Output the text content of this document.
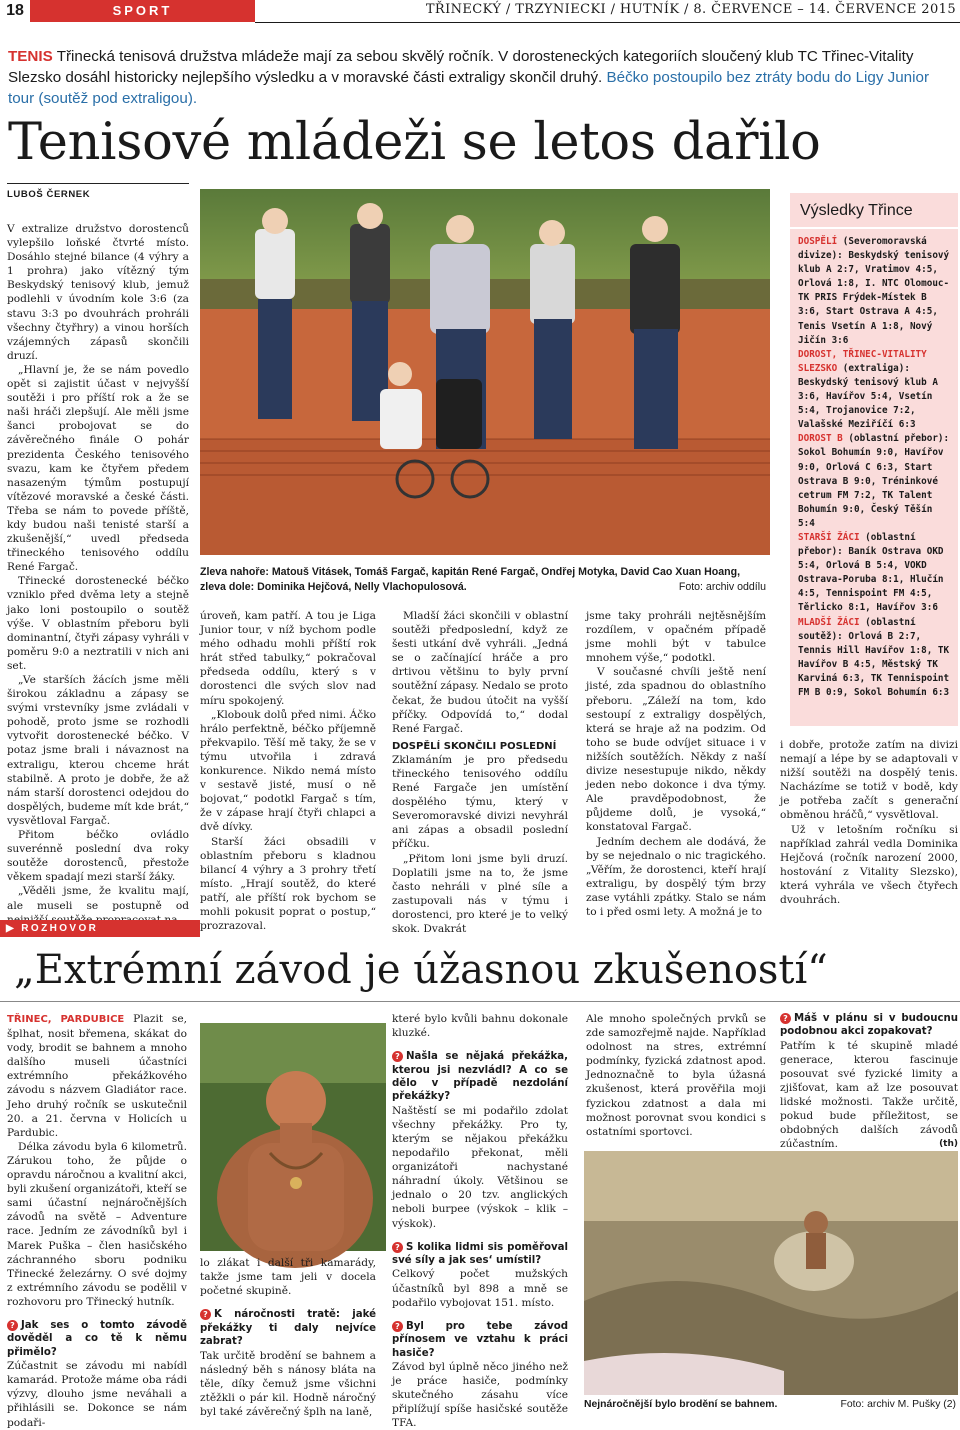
18	SPORT	TŘINECKÝ / TRZYNIECKI / HUTNÍK / 8. ČERVENCE – 14. ČERVENCE 2015
TENIS Třinecká tenisová družstva mládeže mají za sebou skvělý ročník. V dorosteneckých kategoriích sloučený klub TC Třinec-Vitality Slezsko dosáhl historicky nejlepšího výsledku a v moravské části extraligy skončil druhý. Béčko postoupilo bez ztráty bodu do Ligy Junior tour (soutěž pod extraligou).
Tenisové mládeži se letos dařilo
LUBOŠ ČERNEK

V extralize družstvo dorostenců vylepšilo loňské čtvrté místo. Dosáhlo stejné bilance (4 výhry a 1 prohra) jako vítězný tým Beskydský tenisový klub, jemuž podlehli v úvodním kole 3:6 (za stavu 3:3 po dvouhrách prohráli všechny čtyřhry) a vinou horších vzájemných zápasů skončili druzí.

„Hlavní je, že se nám povedlo opět si zajistit účast v nejvyšší soutěži i pro příští rok a že se naši hráči zlepšují. Ale měli jsme šanci probojovat se do závěrečného finále O pohár prezidenta Českého tenisového svazu, kam ke čtyřem předem nasazeným týmům postupují vítězové moravské a české části. Třeba se nám to povede příště, kdy budou naši tenisté starší a zkušenější,“ uvedl předseda třineckého tenisového oddílu René Fargač.

Třinecké dorostenecké béčko vzniklo před dvěma lety a stejně jako loni postoupilo o soutěž výše. V oblastním přeboru byli dominantní, čtyři zápasy vyhráli v poměru 9:0 a neztratili v nich ani set.

„Ve starších žácích jsme měli širokou základnu a zápasy se svými vrstevníky jsme zvládali v pohodě, proto jsme se rozhodli vytvořit dorostenecké béčko. V potaz jsme brali i návaznost na extraligu, kterou chceme hrát stabilně. A proto je dobře, že až nám starší dorostenci odejdou do dospělých, budeme mít kde brát,“ vysvětloval Fargač.

Přitom béčko ovládlo suverénně poslední dva roky soutěže dorostenců, přestože věkem spadají mezi starší žáky.

„Věděli jsme, že kvalitu mají, ale museli se postupně od

Zleva nahoře: Matouš Vitásek, Tomáš Fargač, kapitán René Fargač, Ondřej Motyka, David Cao Xuan Hoang, zleva dole: Dominika Hejčová, Nelly Vlachopulosová.	Foto: archiv oddílu
Výsledky Třince
DOSPĚLÍ (Severomoravská divize): Beskydský tenisový klub A 2:7, Vratimov 4:5, Orlová 1:8, I. NTC Olomouc-TK PRIS Frýdek-Místek B 3:6, Start Ostrava A 4:5, Tenis Vsetín A 1:8, Nový Jičín 3:6
DOROST, TŘINEC-VITALITY SLEZSKO (extraliga): Beskydský tenisový klub A 3:6, Havířov 5:4, Vsetín 5:4, Trojanovice 7:2, Valašské Meziříčí 6:3
DOROST B (oblastní přebor): Sokol Bohumín 9:0, Havířov 9:0, Orlová C 6:3, Start Ostrava B 9:0, Tréninkové cetrum FM 7:2, TK Talent Bohumín 9:0, Český Těšín 5:4
STARŠÍ ŽÁCI (oblastní přebor): Baník Ostrava OKD 5:4, Orlová B 5:4, VOKD Ostrava-Poruba 8:1, Hlučín 4:5, Tennispoint FM 4:5, Těrlicko 8:1, Havířov 3:6
MLADŠÍ ŽÁCI (oblastní soutěž): Orlová B 2:7, Tennis Hill Havířov 1:8, TK Havířov B 4:5, Městský TK Karviná 6:3, TK Tennispoint FM B 0:9, Sokol Bohumín 6:3

úroveň, kam patří. A tou je Liga Junior tour, v níž bychom podle mého odhadu mohli příští rok hrát střed tabulky,“ pokračoval předseda oddílu, který s v dorostenci dle svých slov nad míru spokojený.

„Klobouk dolů před nimi. Áčko hrálo perfektně, béčko příjemně překvapilo. Těší mě taky, že se v týmu utvořila i zdravá konkurence. Nikdo nemá místo v sestavě jisté, musí o ně bojovat,“ podotkl Fargač s tím, že v zápase hrají čtyři chlapci a dvě dívky.

Starší žáci obsadili v oblastním přeboru s kladnou bilancí 4 výhry a 3 prohry třetí místo. „Hrají soutěž, do které patří, ale příští rok bychom se mohli pokusit poprat o postup,“ prozrazoval.

Mladší žáci skončili v oblastní soutěži předposlední, když ze šesti utkání dvě vyhráli. „Jedná se o začínající hráče a pro drtivou většinu to byly první soutěžní zápasy. Nedalo se proto čekat, že budou útočit na vyšší příčky. Odpovídá to,“ dodal René Fargač.

DOSPĚLÍ SKONČILI POSLEDNÍ

Zklamáním je pro předsedu třineckého tenisového oddílu René Fargače jen umístění dospělého týmu, který v Severomoravské divizi nevyhrál ani zápas a obsadil poslední příčku.

„Přitom loni jsme byli druzí. Doplatili jsme na to, že jsme často nehráli v plné síle a zastupovali nás v týmu i dorostenci, pro které je to velký skok. Dvakrát

jsme taky prohráli nejtěsnějším rozdílem, v opačném případě jsme mohli být v tabulce mnohem výše,“ podotkl.

V současné chvíli ještě není jisté, zda spadnou do oblastního přeboru. „Záleží na tom, kdo sestoupí z extraligy dospělých, která se hraje až na podzim. Od toho se bude odvíjet situace i v nižších soutěžích. Někdy z naší divize nesestupuje nikdo, někdy jeden nebo dokonce i dva týmy. Ale pravděpodobnost, že půjdeme dolů, je vysoká,“ konstatoval Fargač.

Jedním dechem ale dodává, že by se nejednalo o nic tragického. „Věřím, že dorostenci, kteří hrají extraligu, by dospělý tým brzy zase vytáhli zpátky. Stalo se nám to i před osmi lety. A možná je to

i dobře, protože zatím na divizi nemají a lépe by se adaptovali v nižší soutěži na dospělý tenis. Nacházíme se totiž v bodě, kdy je potřeba začít s generační obměnou hráčů,“ vysvětloval.

Už v letošním ročníku si například zahrál vedla Dominika Hejčová (ročník narození 2000, hostování z Vitality Slezsko), která vyhrála ve všech čtyřech dvouhrách.

▶ ROZHOVOR
„Extrémní závod je úžasnou zkušeností“

TŘINEC, PARDUBICE Plazit se, šplhat, nosit břemena, skákat do vody, brodit se bahnem a mnoho dalšího museli účastníci extrémního překážkového závodu s názvem Gladiátor race. Jeho druhý ročník se uskutečnil 20. a 21. června v Holicích u Pardubic.

Délka závodu byla 6 kilometrů. Zárukou toho, že půjde o opravdu náročnou a kvalitní akci, byli zkušení organizátoři, kteří se sami účastní nejnáročnějších závodů na světě – Adventure race. Jedním ze závodníků byl i Marek Puška – člen hasičského záchranného sboru podniku Třinecké železárny. O své dojmy z extrémního závodu se podělil v rozhovoru pro Třinecký hutník.

? Jak ses o tomto závodě dověděl a co tě k němu přimělo?

Zúčastnit se závodu mi nabídl kamarád. Protože máme oba rádi výzvy, dlouho jsme neváhali a přihlásili se. Dokonce se nám podaři-

lo zlákat i další tři kamarády, takže jsme tam jeli v docela početné skupině.

? K náročnosti tratě: jaké překážky ti daly nejvíce zabrat?

Tak určitě brodění se bahnem a následný běh s nánosy bláta na těle, díky čemuž jsme všichni ztěžkli o pár kil. Hodně náročný byl také závěrečný šplh na laně,

které bylo kvůli bahnu dokonale kluzké.

? Našla se nějaká překážka, kterou jsi nezvládl? A co se dělo v případě nezdolání překážky?

Naštěstí se mi podařilo zdolat všechny překážky. Pro ty, kterým se nějakou překážku nepodařilo překonat, měli organizátoři nachystané náhradní úkoly. Většinou se jednalo o 20 tzv. anglických neboli burpee (výskok – klik – výskok).

? S kolika lidmi sis poměřoval své síly a jak ses‘ umístil?

Celkový počet mužských účastníků byl 898 a mně se podařilo vybojovat 151. místo.

? Byl pro tebe závod přínosem ve vztahu k práci hasiče?

Závod byl úplně něco jiného než je práce hasiče, podmínky skutečného zásahu více připlížují spíše hasičské soutěže TFA.

Ale mnoho společných prvků se zde samozřejmě najde. Například odolnost na stres, extrémní podmínky, fyzická zdatnost apod. Jednoznačně to byla úžasná zkušenost, která prověřila moji fyzickou zdatnost a dala mi možnost porovnat svou kondici s ostatními sportovci.

? Máš v plánu si v budoucnu podobnou akci zopakovat?

Patřím k té skupině mladé generace, kterou fascinuje posouvat své fyzické limity a zjišťovat, kam až lze posouvat lidské možnosti. Takže určitě, pokud bude příležitost, se obdobných dalších závodů zúčastním.	(th)

Nejnáročnější bylo brodění se bahnem.	Foto: archiv M. Pušky (2)
